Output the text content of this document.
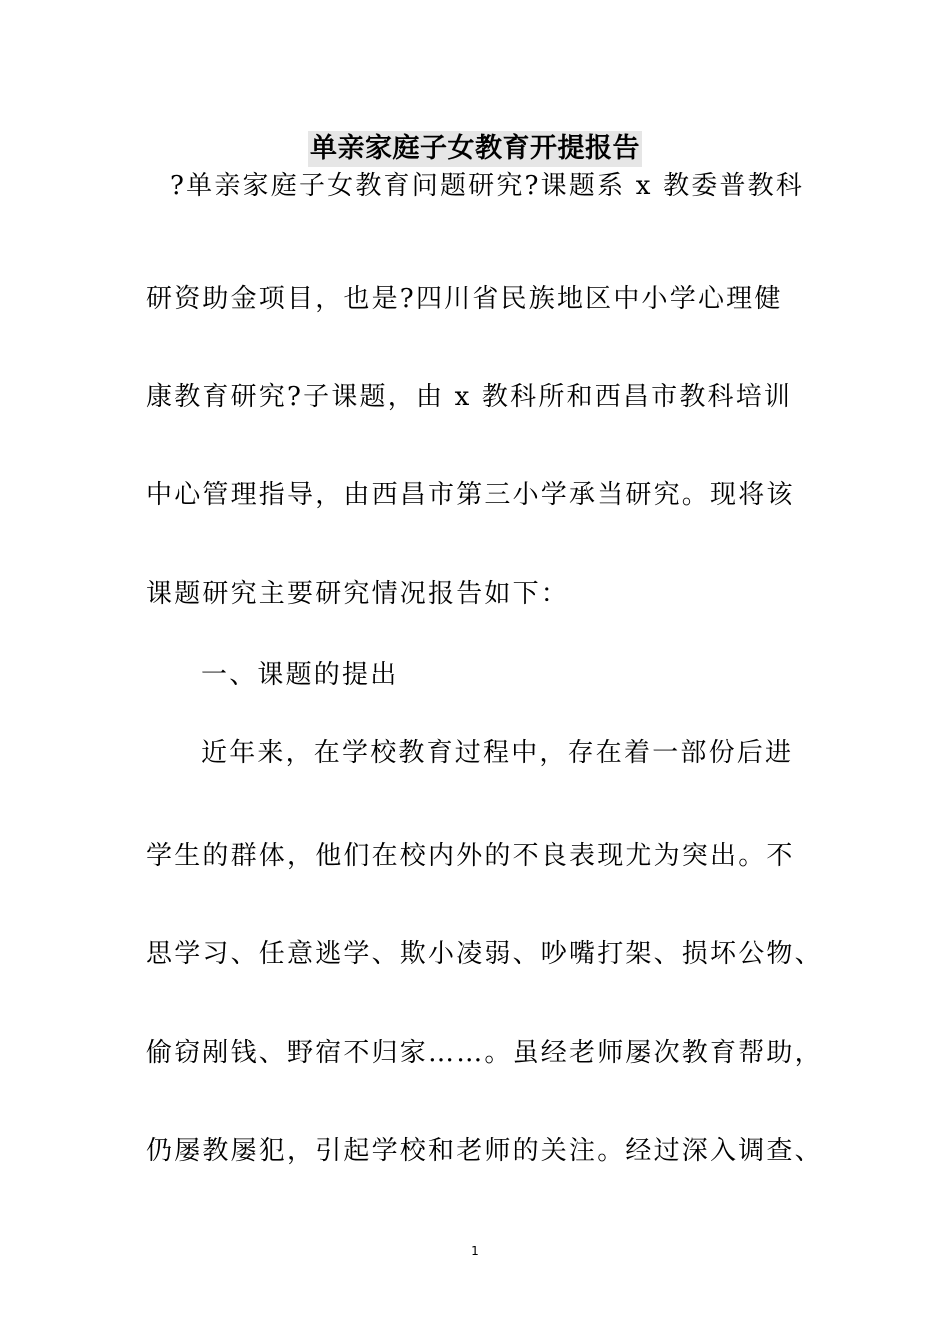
单亲家庭子女教育开提报告
?单亲家庭子女教育问题研究?课题系 x 教委普教科
研资助金项目，也是?四川省民族地区中小学心理健
康教育研究?子课题，由 x 教科所和西昌市教科培训
中心管理指导，由西昌市第三小学承当研究。现将该
课题研究主要研究情况报告如下：
一、课题的提出
近年来，在学校教育过程中，存在着一部份后进
学生的群体，他们在校内外的不良表现尤为突出。不
思学习、任意逃学、欺小凌弱、吵嘴打架、损坏公物、
偷窃剐钱、野宿不归家……。虽经老师屡次教育帮助，
仍屡教屡犯，引起学校和老师的关注。经过深入调查、
1
